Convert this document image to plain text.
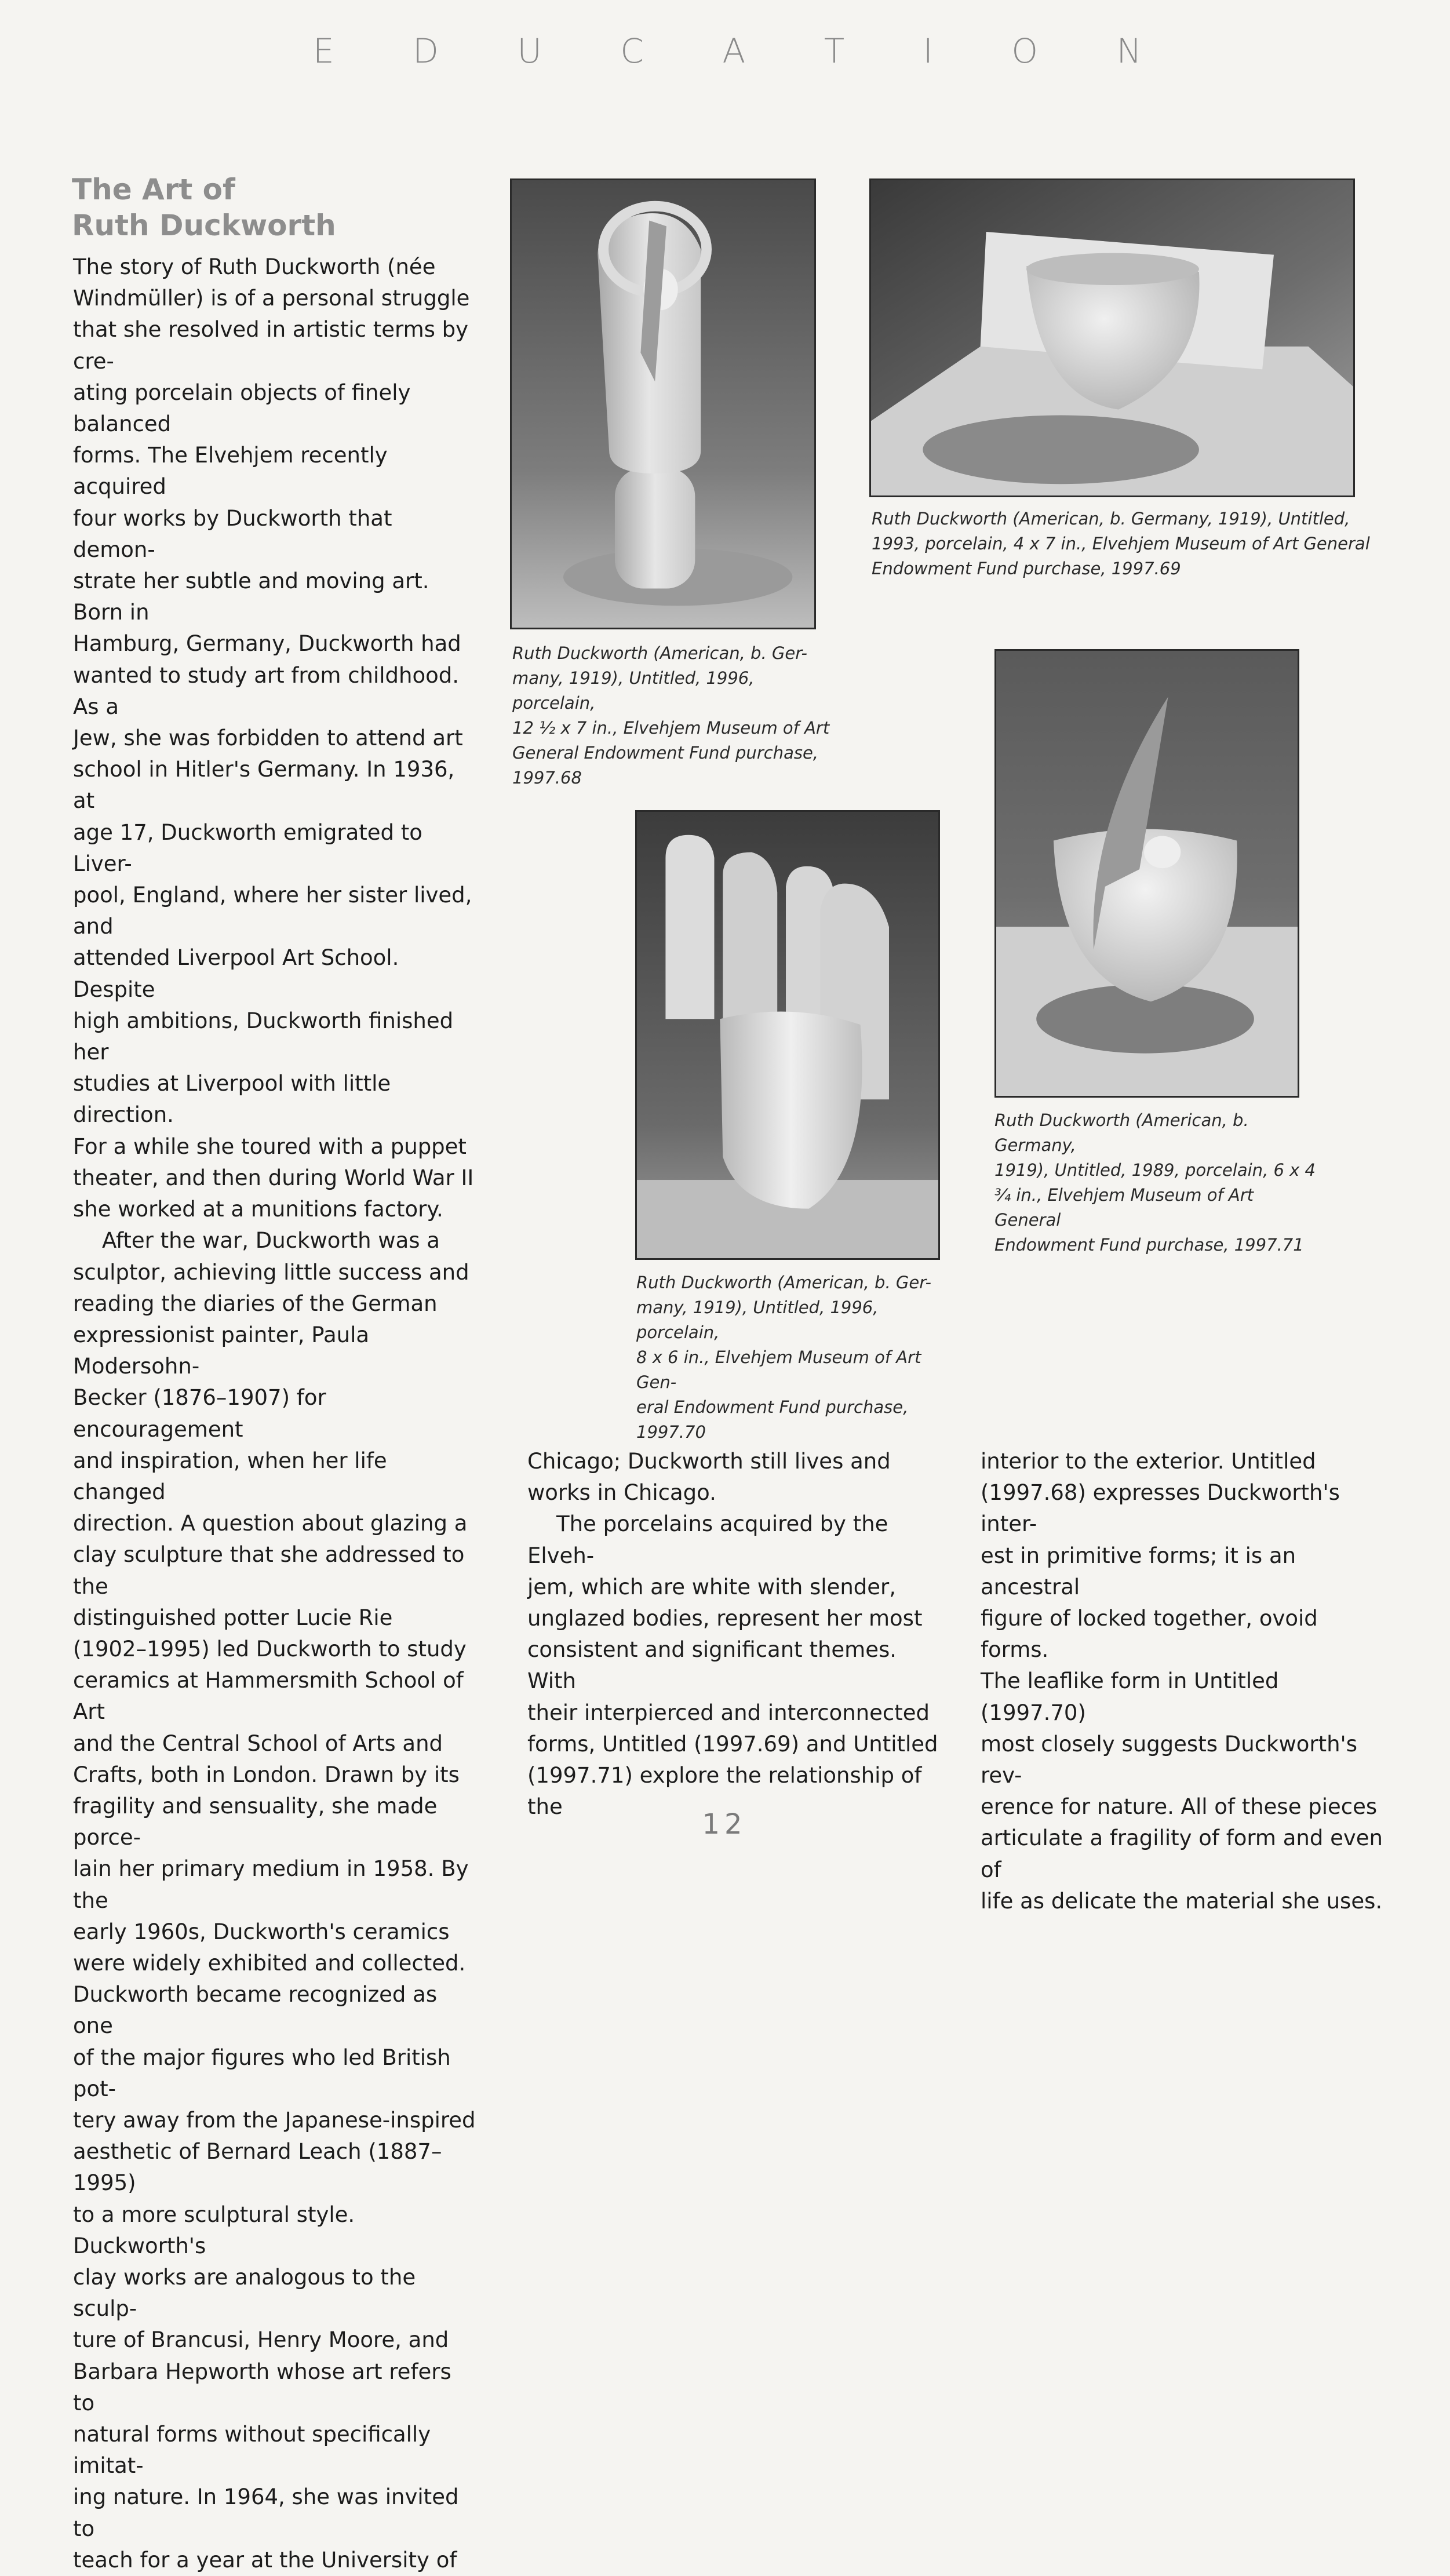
E D U C A T I O N
The Art of
Ruth Duckworth

The story of Ruth Duckworth (née
Windmüller) is of a personal struggle
that she resolved in artistic terms by cre-
ating porcelain objects of finely balanced
forms. The Elvehjem recently acquired
four works by Duckworth that demon-
strate her subtle and moving art. Born in
Hamburg, Germany, Duckworth had
wanted to study art from childhood. As a
Jew, she was forbidden to attend art
school in Hitler's Germany. In 1936, at
age 17, Duckworth emigrated to Liver-
pool, England, where her sister lived, and
attended Liverpool Art School. Despite
high ambitions, Duckworth finished her
studies at Liverpool with little direction.
For a while she toured with a puppet
theater, and then during World War II
she worked at a munitions factory.

After the war, Duckworth was a
sculptor, achieving little success and
reading the diaries of the German
expressionist painter, Paula Modersohn-
Becker (1876–1907) for encouragement
and inspiration, when her life changed
direction. A question about glazing a
clay sculpture that she addressed to the
distinguished potter Lucie Rie
(1902–1995) led Duckworth to study
ceramics at Hammersmith School of Art
and the Central School of Arts and
Crafts, both in London. Drawn by its
fragility and sensuality, she made porce-
lain her primary medium in 1958. By the
early 1960s, Duckworth's ceramics
were widely exhibited and collected.
Duckworth became recognized as one
of the major figures who led British pot-
tery away from the Japanese-inspired
aesthetic of Bernard Leach (1887–1995)
to a more sculptural style. Duckworth's
clay works are analogous to the sculp-
ture of Brancusi, Henry Moore, and
Barbara Hepworth whose art refers to
natural forms without specifically imitat-
ing nature. In 1964, she was invited to
teach for a year at the University of

Ruth Duckworth (American, b. Ger-
many, 1919), Untitled, 1996, porcelain,
12 ½ x 7 in., Elvehjem Museum of Art
General Endowment Fund purchase,
1997.68
Ruth Duckworth (American, b. Germany, 1919), Untitled,
1993, porcelain, 4 x 7 in., Elvehjem Museum of Art General
Endowment Fund purchase, 1997.69
Ruth Duckworth (American, b. Germany,
1919), Untitled, 1989, porcelain, 6 x 4
¾ in., Elvehjem Museum of Art General
Endowment Fund purchase, 1997.71
Ruth Duckworth (American, b. Ger-
many, 1919), Untitled, 1996, porcelain,
8 x 6 in., Elvehjem Museum of Art Gen-
eral Endowment Fund purchase,
1997.70

Chicago; Duckworth still lives and
works in Chicago.

The porcelains acquired by the Elveh-
jem, which are white with slender,
unglazed bodies, represent her most
consistent and significant themes. With
their interpierced and interconnected
forms, Untitled (1997.69) and Untitled
(1997.71) explore the relationship of the

interior to the exterior. Untitled
(1997.68) expresses Duckworth's inter-
est in primitive forms; it is an ancestral
figure of locked together, ovoid forms.
The leaflike form in Untitled (1997.70)
most closely suggests Duckworth's rev-
erence for nature. All of these pieces
articulate a fragility of form and even of
life as delicate the material she uses.

12
